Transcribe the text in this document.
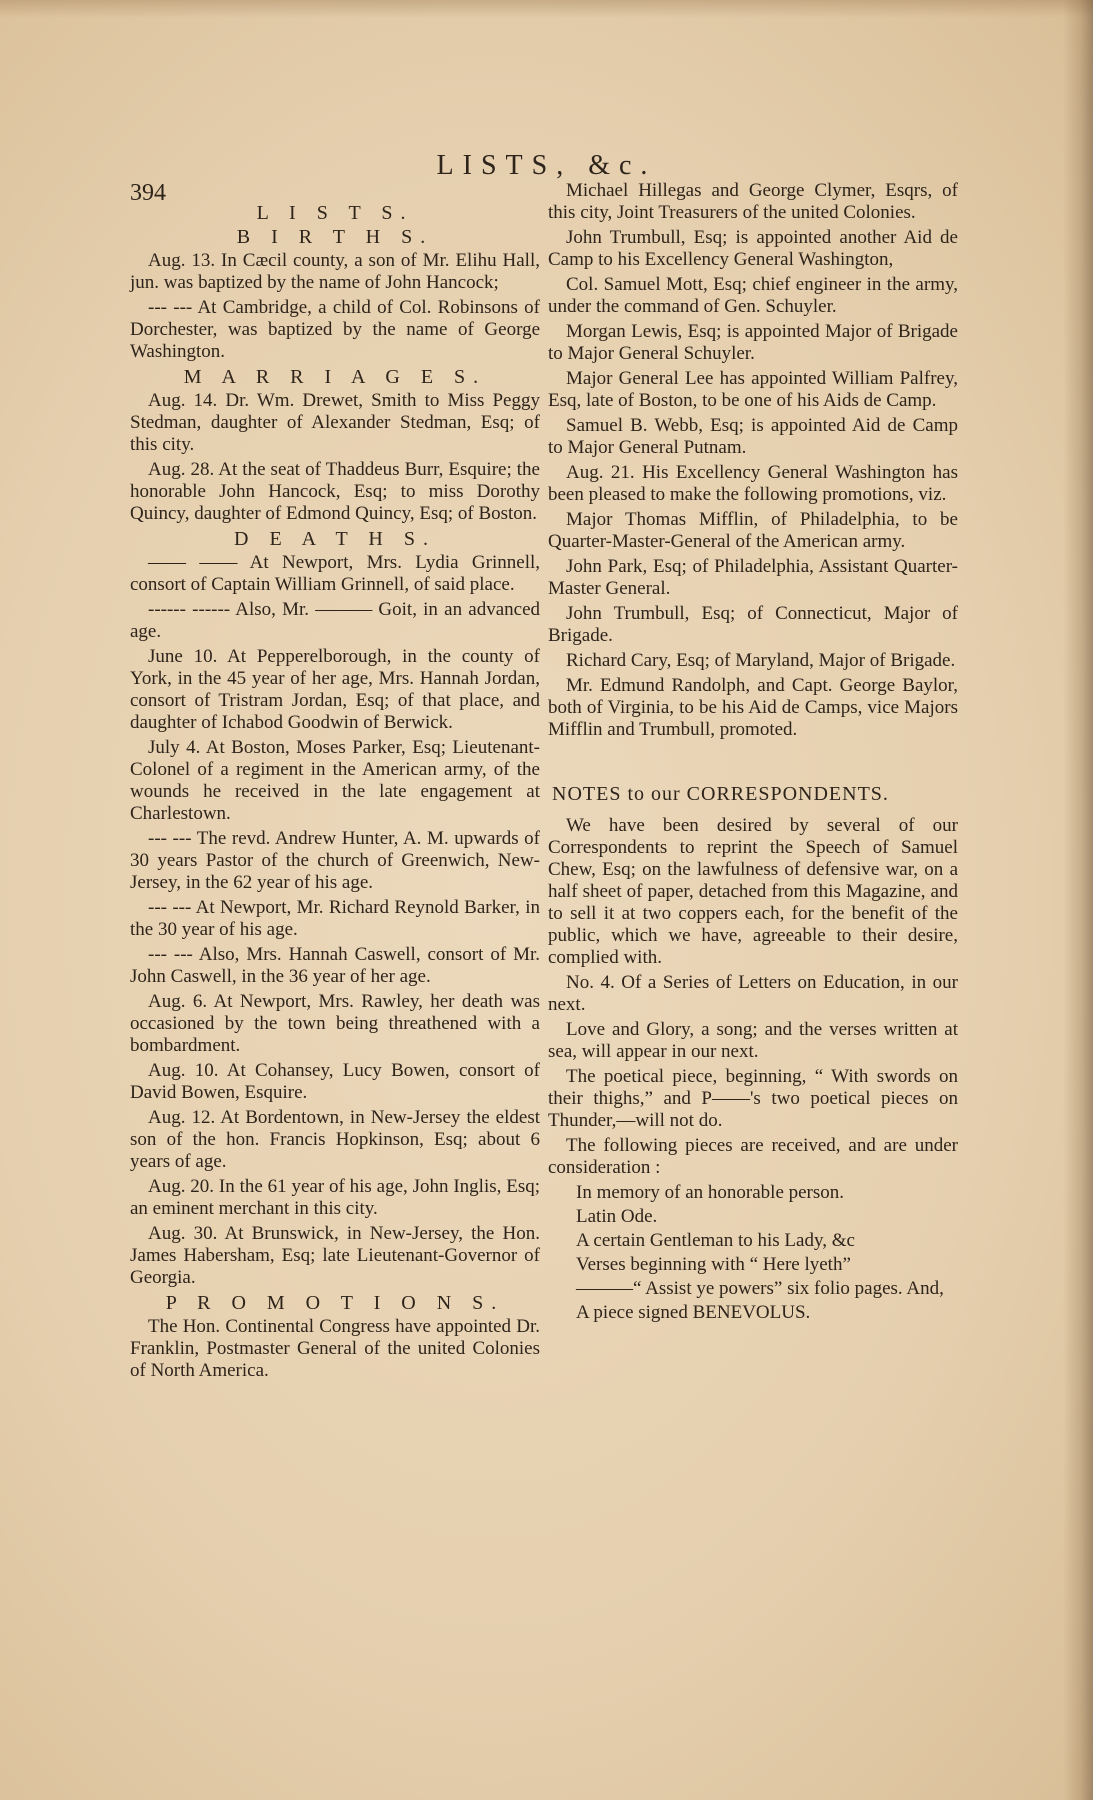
LISTS, &c.
394
L I S T S.
B I R T H S.

Aug. 13. In Cæcil county, a son of Mr. Elihu Hall, jun. was baptized by the name of John Hancock;

--- --- At Cambridge, a child of Col. Robinsons of Dorchester, was baptized by the name of George Washington.

M A R R I A G E S.

Aug. 14. Dr. Wm. Drewet, Smith to Miss Peggy Stedman, daughter of Alexander Stedman, Esq; of this city.

Aug. 28. At the seat of Thaddeus Burr, Esquire; the honorable John Hancock, Esq; to miss Dorothy Quincy, daughter of Edmond Quincy, Esq; of Boston.

D E A T H S.

—— —— At Newport, Mrs. Lydia Grinnell, consort of Captain William Grinnell, of said place.

------ ------ Also, Mr. ——— Goit, in an advanced age.

June 10. At Pepperelborough, in the county of York, in the 45 year of her age, Mrs. Hannah Jordan, consort of Tristram Jordan, Esq; of that place, and daughter of Ichabod Goodwin of Berwick.

July 4. At Boston, Moses Parker, Esq; Lieutenant-Colonel of a regiment in the American army, of the wounds he received in the late engagement at Charlestown.

--- --- The revd. Andrew Hunter, A. M. upwards of 30 years Pastor of the church of Greenwich, New-Jersey, in the 62 year of his age.

--- --- At Newport, Mr. Richard Reynold Barker, in the 30 year of his age.

--- --- Also, Mrs. Hannah Caswell, consort of Mr. John Caswell, in the 36 year of her age.

Aug. 6. At Newport, Mrs. Rawley, her death was occasioned by the town being threathened with a bombardment.

Aug. 10. At Cohansey, Lucy Bowen, consort of David Bowen, Esquire.

Aug. 12. At Bordentown, in New-Jersey the eldest son of the hon. Francis Hopkinson, Esq; about 6 years of age.

Aug. 20. In the 61 year of his age, John Inglis, Esq; an eminent merchant in this city.

Aug. 30. At Brunswick, in New-Jersey, the Hon. James Habersham, Esq; late Lieutenant-Governor of Georgia.

P R O M O T I O N S.

The Hon. Continental Congress have appointed Dr. Franklin, Postmaster General of the united Colonies of North America.

Michael Hillegas and George Clymer, Esqrs, of this city, Joint Treasurers of the united Colonies.

John Trumbull, Esq; is appointed another Aid de Camp to his Excellency General Washington,

Col. Samuel Mott, Esq; chief engineer in the army, under the command of Gen. Schuyler.

Morgan Lewis, Esq; is appointed Major of Brigade to Major General Schuyler.

Major General Lee has appointed William Palfrey, Esq, late of Boston, to be one of his Aids de Camp.

Samuel B. Webb, Esq; is appointed Aid de Camp to Major General Putnam.

Aug. 21. His Excellency General Washington has been pleased to make the following promotions, viz.

Major Thomas Mifflin, of Philadelphia, to be Quarter-Master-General of the American army.

John Park, Esq; of Philadelphia, Assistant Quarter-Master General.

John Trumbull, Esq; of Connecticut, Major of Brigade.

Richard Cary, Esq; of Maryland, Major of Brigade.

Mr. Edmund Randolph, and Capt. George Baylor, both of Virginia, to be his Aid de Camps, vice Majors Mifflin and Trumbull, promoted.

NOTES to our CORRESPONDENTS.

We have been desired by several of our Correspondents to reprint the Speech of Samuel Chew, Esq; on the lawfulness of defensive war, on a half sheet of paper, detached from this Magazine, and to sell it at two coppers each, for the benefit of the public, which we have, agreeable to their desire, complied with.

No. 4. Of a Series of Letters on Education, in our next.

Love and Glory, a song; and the verses written at sea, will appear in our next.

The poetical piece, beginning, “ With swords on their thighs,” and P——'s two poetical pieces on Thunder,—will not do.

The following pieces are received, and are under consideration :

In memory of an honorable person.
Latin Ode.
A certain Gentleman to his Lady, &c
Verses beginning with “ Here lyeth”
———“ Assist ye powers” six folio pages. And,
A piece signed BENEVOLUS.
